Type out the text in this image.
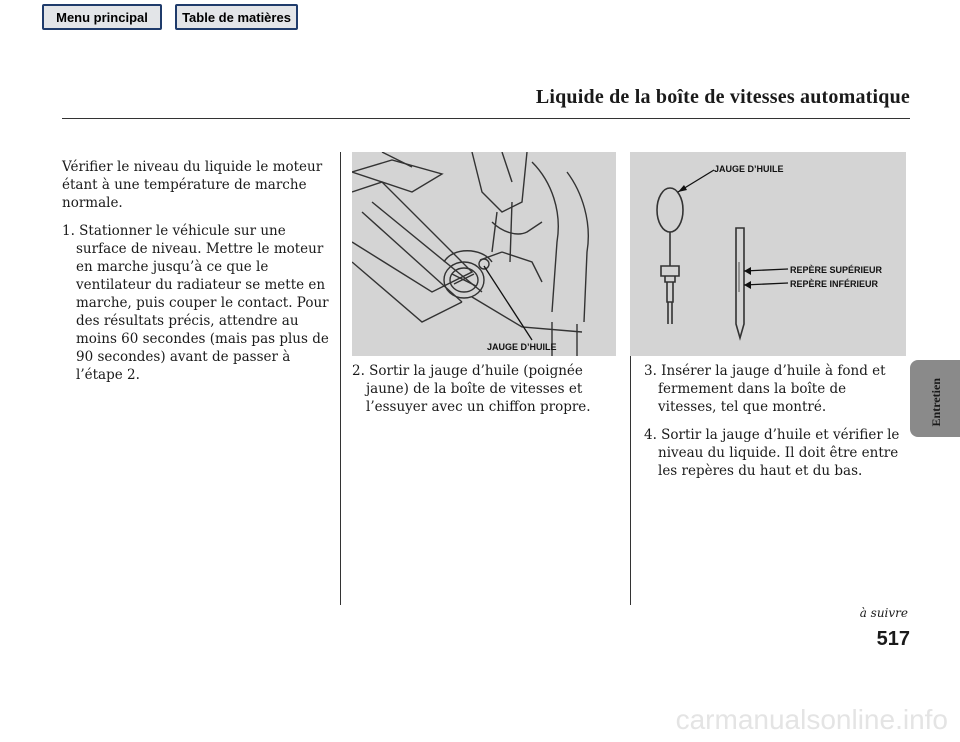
Menu principal	Table de matières
Liquide de la boîte de vitesses automatique

Vérifier le niveau du liquide le moteur étant à une température de marche normale.

1. Stationner le véhicule sur une surface de niveau. Mettre le moteur en marche jusqu’à ce que le ventilateur du radiateur se mette en marche, puis couper le contact. Pour des résultats précis, attendre au moins 60 secondes (mais pas plus de 90 secondes) avant de passer à l’étape 2.

JAUGE D’HUILE
JAUGE D’HUILE
REPÈRE SUPÉRIEUR
REPÈRE INFÉRIEUR

2. Sortir la jauge d’huile (poignée jaune) de la boîte de vitesses et l’essuyer avec un chiffon propre.

3. Insérer la jauge d’huile à fond et fermement dans la boîte de vitesses, tel que montré.

4. Sortir la jauge d’huile et vérifier le niveau du liquide. Il doit être entre les repères du haut et du bas.

Entretien
à suivre
517
carmanualsonline.info
